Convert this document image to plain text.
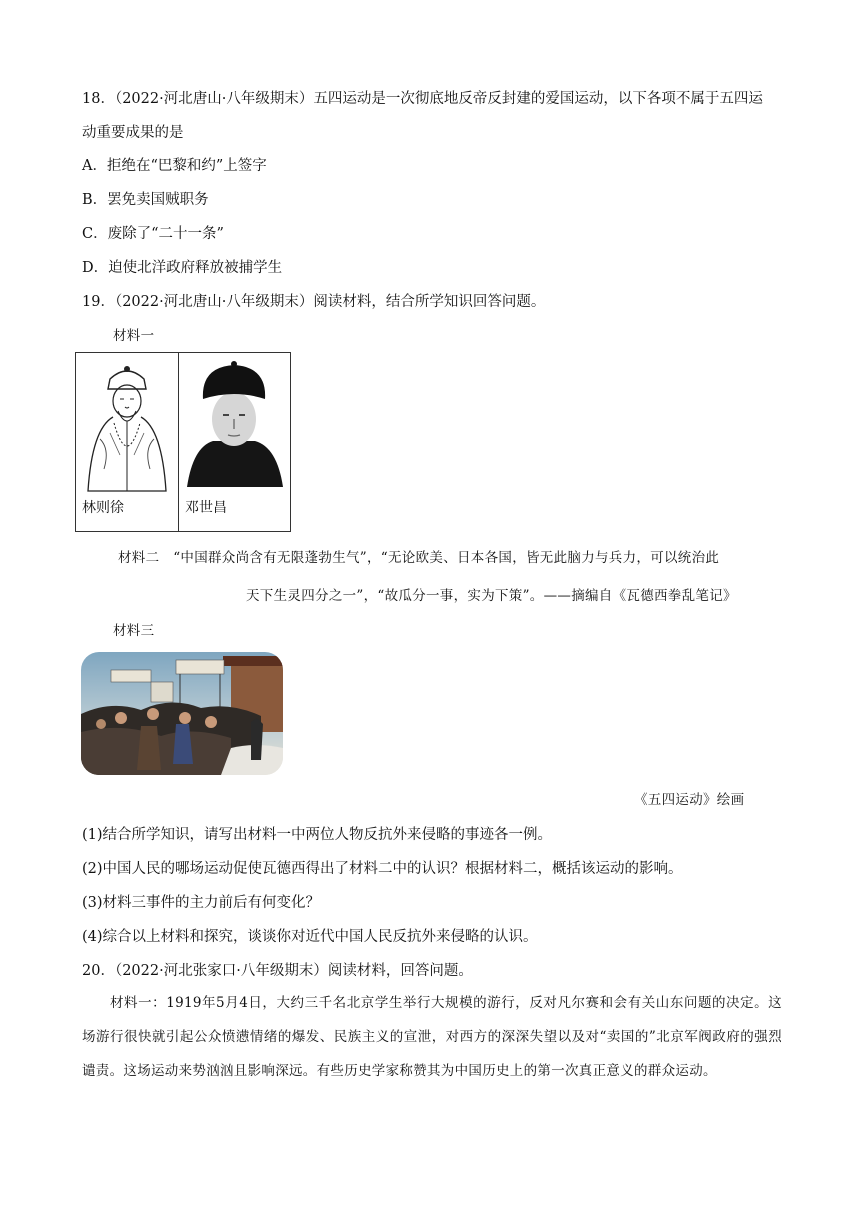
18．（2022·河北唐山·八年级期末）五四运动是一次彻底地反帝反封建的爱国运动，以下各项不属于五四运
动重要成果的是
A．拒绝在“巴黎和约”上签字
B．罢免卖国贼职务
C．废除了“二十一条”
D．迫使北洋政府释放被捕学生
19．（2022·河北唐山·八年级期末）阅读材料，结合所学知识回答问题。
材料一
林则徐	邓世昌
材料二　“中国群众尚含有无限蓬勃生气”，“无论欧美、日本各国，皆无此脑力与兵力，可以统治此
天下生灵四分之一”，“故瓜分一事，实为下策”。——摘编自《瓦德西拳乱笔记》
材料三
《五四运动》绘画
(1)结合所学知识，请写出材料一中两位人物反抗外来侵略的事迹各一例。
(2)中国人民的哪场运动促使瓦德西得出了材料二中的认识？根据材料二，概括该运动的影响。
(3)材料三事件的主力前后有何变化？
(4)综合以上材料和探究，谈谈你对近代中国人民反抗外来侵略的认识。
20．（2022·河北张家口·八年级期末）阅读材料，回答问题。
材料一：1919年5月4日，大约三千名北京学生举行大规模的游行，反对凡尔赛和会有关山东问题的决定。这场游行很快就引起公众愤懑情绪的爆发、民族主义的宣泄，对西方的深深失望以及对“卖国的”北京军阀政府的强烈谴责。这场运动来势汹汹且影响深远。有些历史学家称赞其为中国历史上的第一次真正意义的群众运动。
